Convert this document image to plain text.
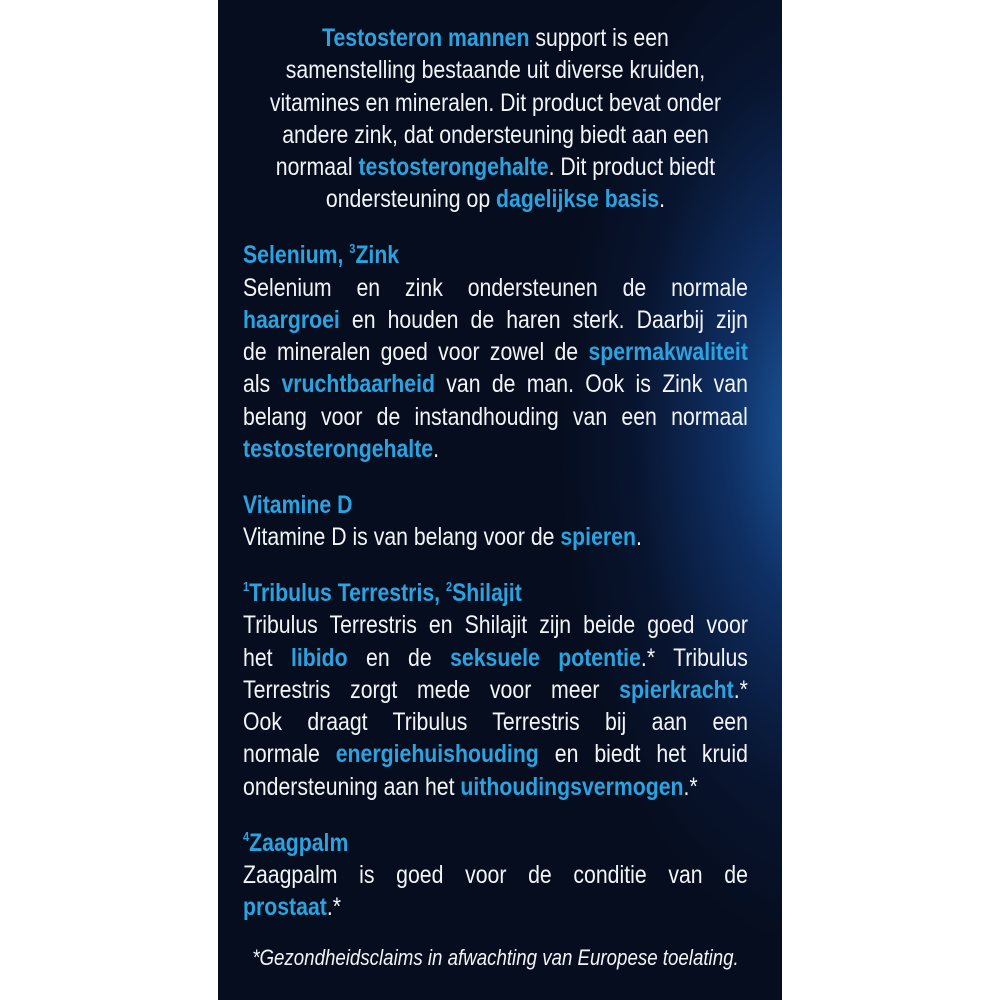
Testosteron mannen support is een
samenstelling bestaande uit diverse kruiden,
vitamines en mineralen. Dit product bevat onder
andere zink, dat ondersteuning biedt aan een
normaal testosterongehalte. Dit product biedt
ondersteuning op dagelijkse basis.
Selenium, $^3$Zink
Selenium en zink ondersteunen de normale
haargroei en houden de haren sterk. Daarbij zijn
de mineralen goed voor zowel de spermakwaliteit
als vruchtbaarheid van de man. Ook is Zink van
belang voor de instandhouding van een normaal
testosterongehalte.
Vitamine D
Vitamine D is van belang voor de spieren.
$^1$Tribulus Terrestris, $^2$Shilajit
Tribulus Terrestris en Shilajit zijn beide goed voor
het libido en de seksuele potentie.* Tribulus
Terrestris zorgt mede voor meer spierkracht.*
Ook draagt Tribulus Terrestris bij aan een
normale energiehuishouding en biedt het kruid
ondersteuning aan het uithoudingsvermogen.*
$^4$Zaagpalm
Zaagpalm is goed voor de conditie van de
prostaat.*
*Gezondheidsclaims in afwachting van Europese toelating.
